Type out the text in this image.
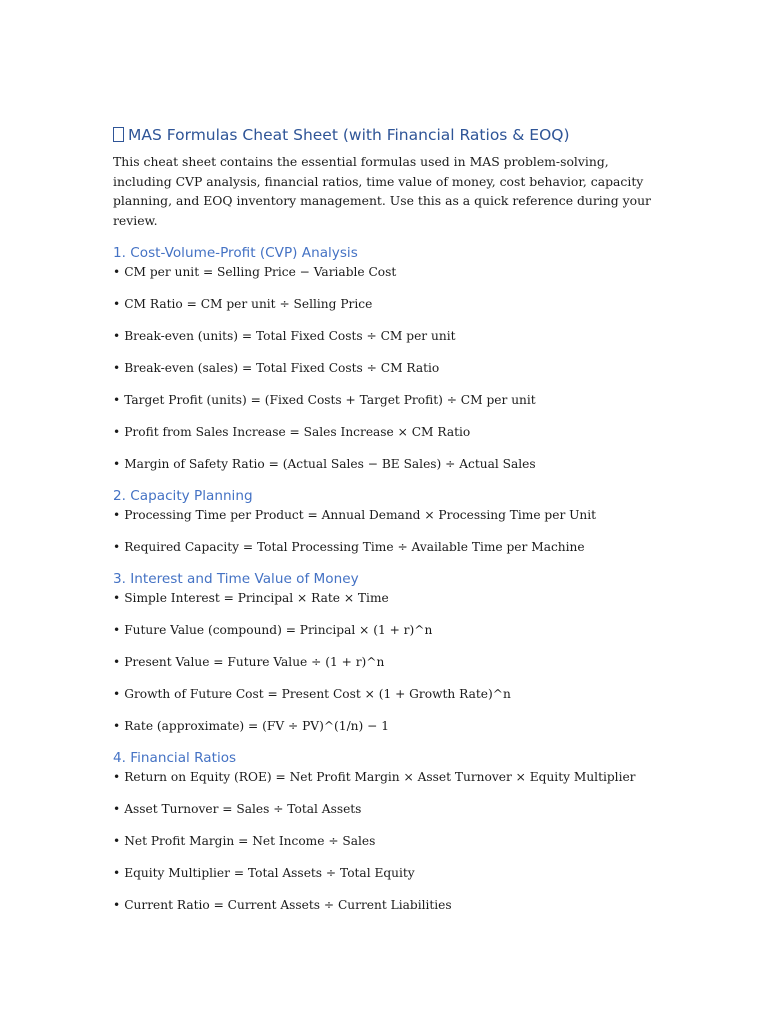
MAS Formulas Cheat Sheet (with Financial Ratios & EOQ)

This cheat sheet contains the essential formulas used in MAS problem-solving, including CVP analysis, financial ratios, time value of money, cost behavior, capacity planning, and EOQ inventory management. Use this as a quick reference during your review.

1. Cost-Volume-Profit (CVP) Analysis
• CM per unit = Selling Price − Variable Cost
• CM Ratio = CM per unit ÷ Selling Price
• Break-even (units) = Total Fixed Costs ÷ CM per unit
• Break-even (sales) = Total Fixed Costs ÷ CM Ratio
• Target Profit (units) = (Fixed Costs + Target Profit) ÷ CM per unit
• Profit from Sales Increase = Sales Increase × CM Ratio
• Margin of Safety Ratio = (Actual Sales − BE Sales) ÷ Actual Sales
2. Capacity Planning
• Processing Time per Product = Annual Demand × Processing Time per Unit
• Required Capacity = Total Processing Time ÷ Available Time per Machine
3. Interest and Time Value of Money
• Simple Interest = Principal × Rate × Time
• Future Value (compound) = Principal × (1 + r)^n
• Present Value = Future Value ÷ (1 + r)^n
• Growth of Future Cost = Present Cost × (1 + Growth Rate)^n
• Rate (approximate) = (FV ÷ PV)^(1/n) − 1
4. Financial Ratios
• Return on Equity (ROE) = Net Profit Margin × Asset Turnover × Equity Multiplier
• Asset Turnover = Sales ÷ Total Assets
• Net Profit Margin = Net Income ÷ Sales
• Equity Multiplier = Total Assets ÷ Total Equity
• Current Ratio = Current Assets ÷ Current Liabilities
